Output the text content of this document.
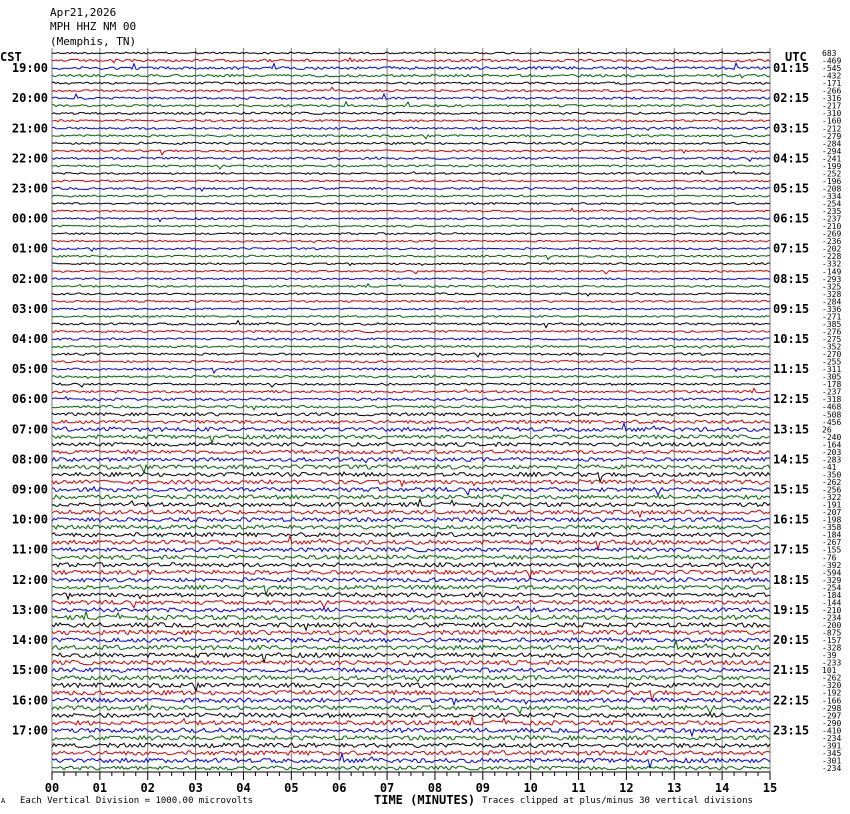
Apr21,2026
MPH HHZ NM 00
(Memphis, TN)
CST	UTC
00	01	02	03	04	05	06	07	08	09	10	11	12	13	14	15
683
-469
-545
-432
-171
-266
-316
-217
-310
-160
-212
-279
-284
-294
-241
-199
-252
-196
-208
-334
-254
-235
-237
-210
-269
-236
-202
-228
-332
-149
-293
-325
-328
-284
-336
-271
-385
-276
-275
-352
-270
-255
-311
-305
-178
-237
-318
-468
-508
-456
26
-240
-164
-203
-283
-41
-350
-262
-256
-322
-191
-207
-198
-358
-184
-267
-155
-76
-392
-594
-329
-254
-184
-144
-210
-234
-200
-875
-157
-328
-39
-233
101
-262
-320
-192
-166
-298
-297
-290
-410
-234
-391
-345
-301
-234
19:00
20:00
21:00
22:00
23:00
00:00
01:00
02:00
03:00
04:00
05:00
06:00
07:00
08:00
09:00
10:00
11:00
12:00
13:00
14:00
15:00
16:00
17:00
01:15
02:15
03:15
04:15
05:15
06:15
07:15
08:15
09:15
10:15
11:15
12:15
13:15
14:15
15:15
16:15
17:15
18:15
19:15
20:15
21:15
22:15
23:15
A Each Vertical Division = 1000.00 microvolts	TIME (MINUTES) Traces clipped at plus/minus 30 vertical divisions
